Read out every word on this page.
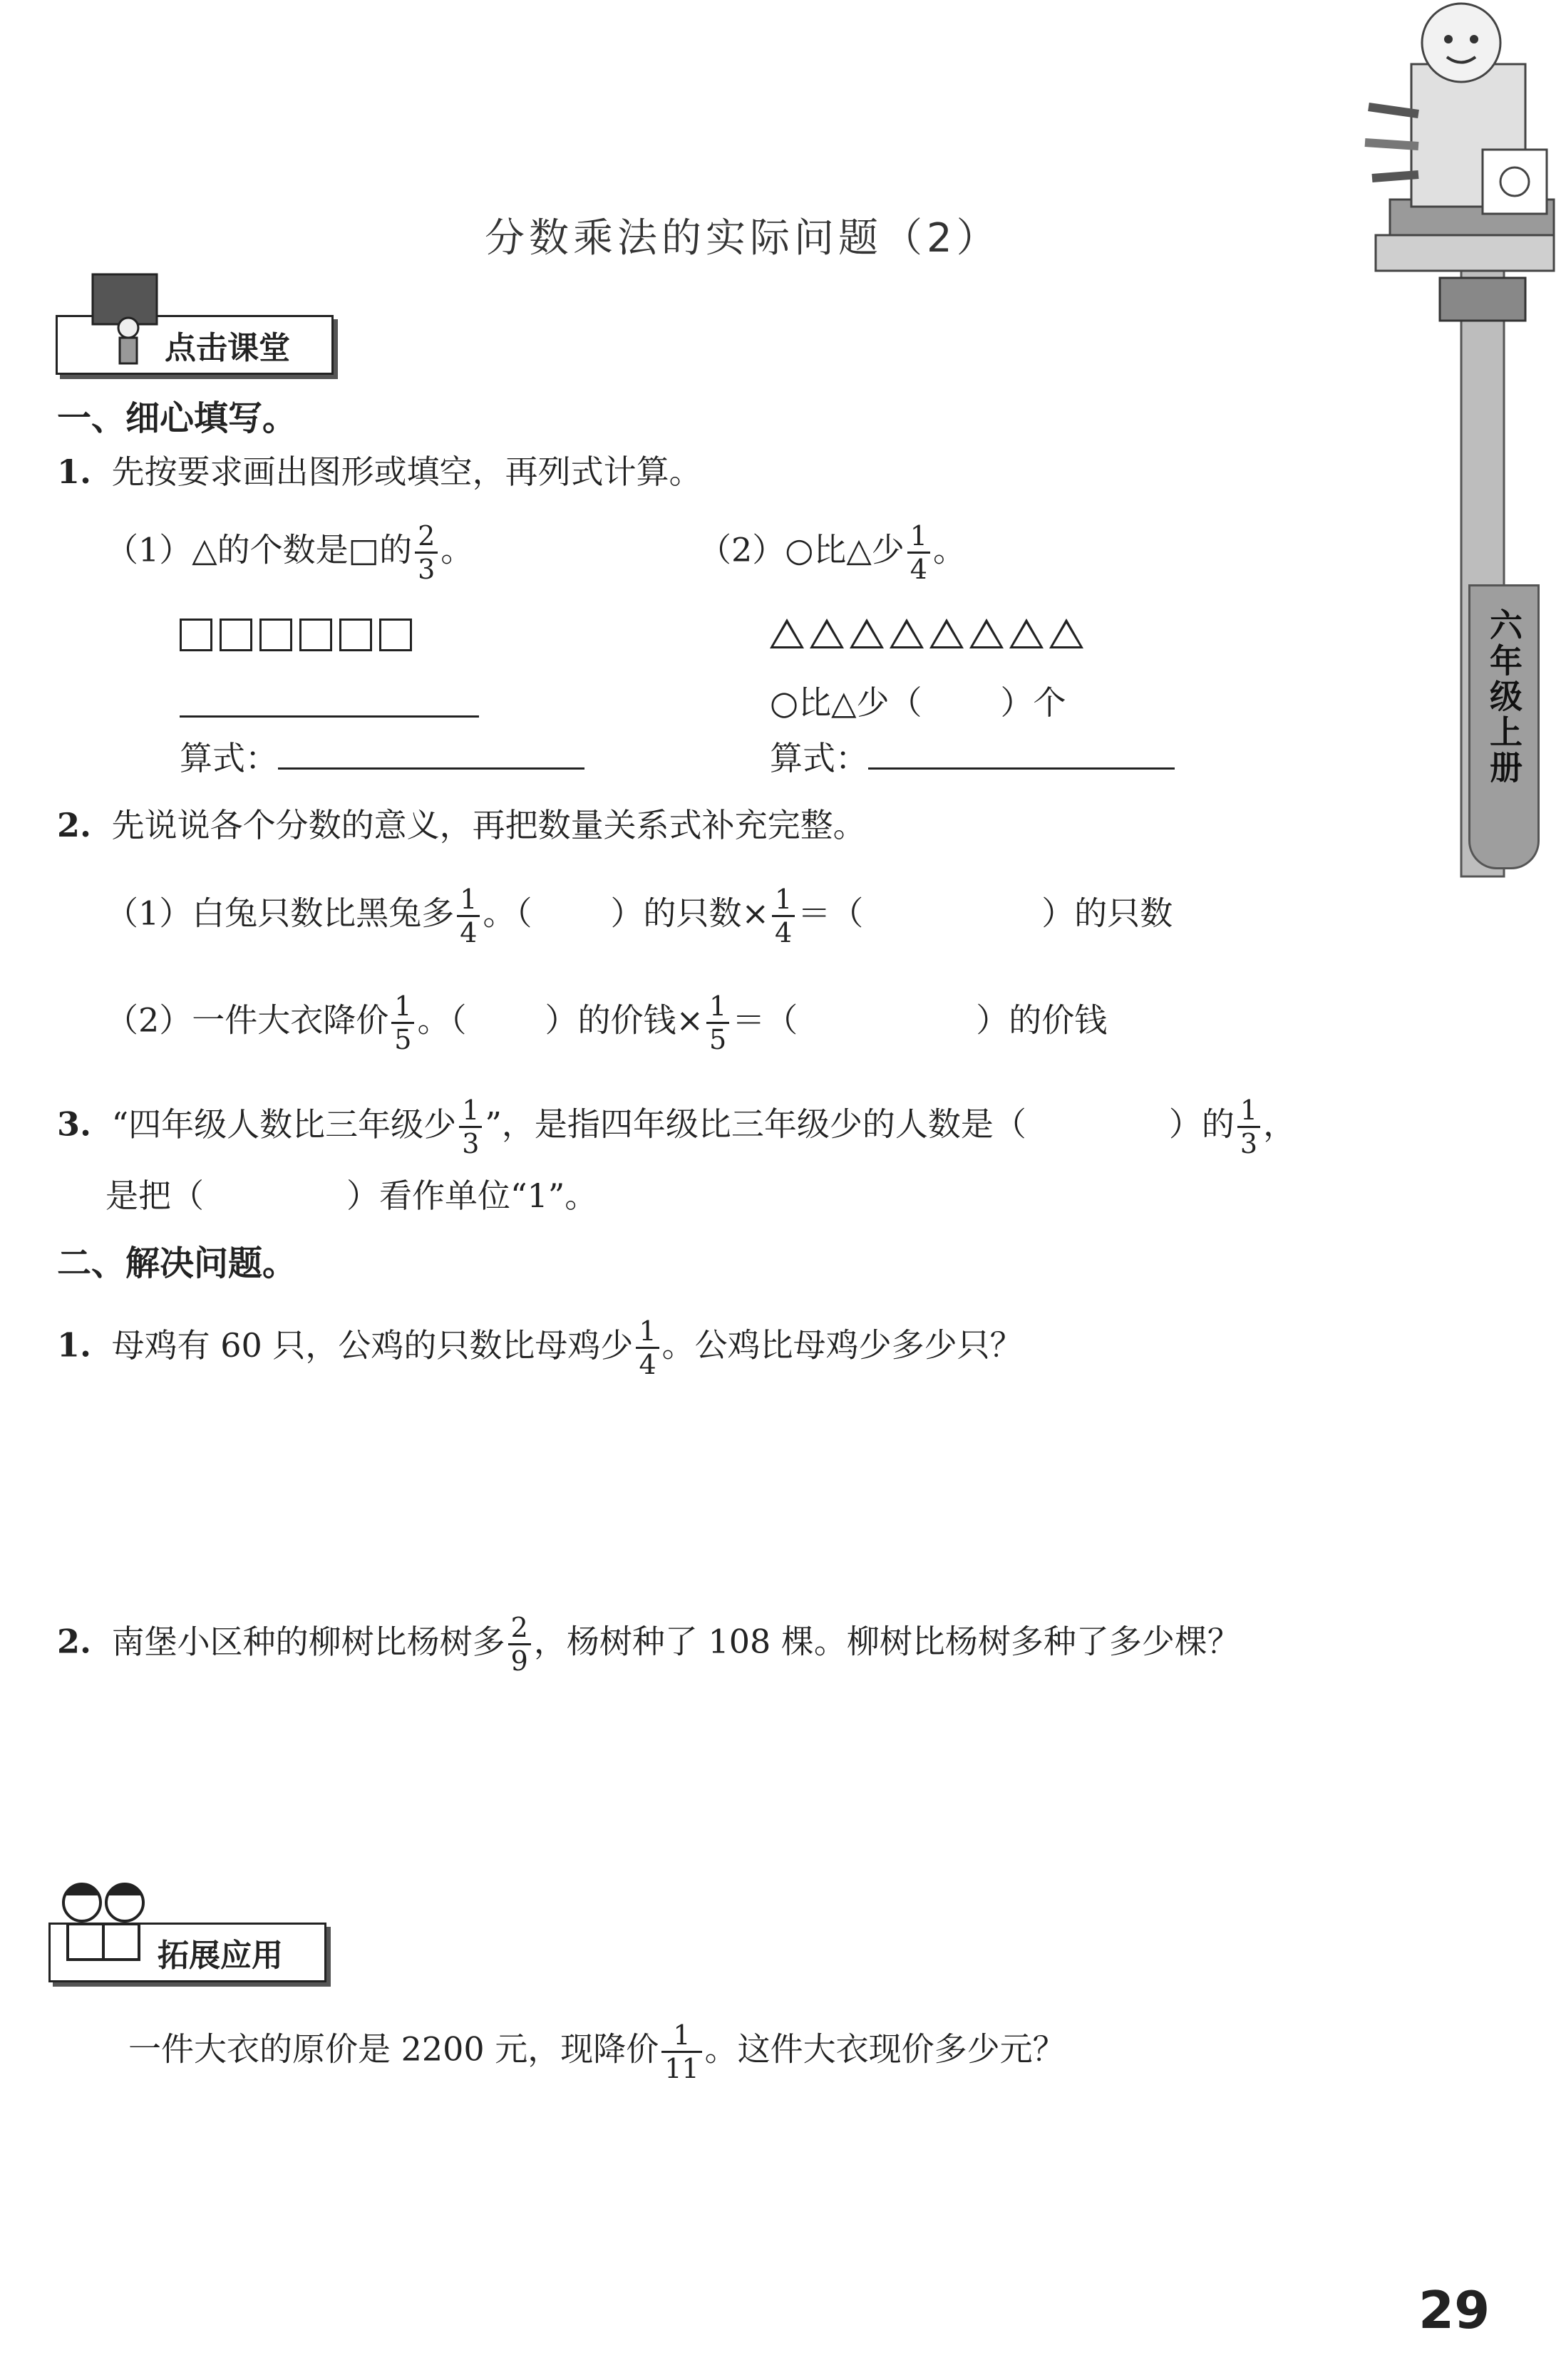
六年级上册
分数乘法的实际问题（2）
点击课堂
一、细心填写。
1. 先按要求画出图形或填空，再列式计算。
（1）△的个数是□的 $\frac{2}{3}$ 。	（2）○比△少 $\frac{1}{4}$ 。
○比△少（ ）个
算式：	算式：
2. 先说说各个分数的意义，再把数量关系式补充完整。
（1）白兔只数比黑兔多 $\frac{1}{4}$ 。（ ）的只数× $\frac{1}{4}$ ＝（	）的只数
（2）一件大衣降价 $\frac{1}{5}$ 。（ ）的价钱× $\frac{1}{5}$ ＝（	）的价钱
3. “四年级人数比三年级少 $\frac{1}{3}$ ”，是指四年级比三年级少的人数是（	）的 $\frac{1}{3}$ ，
是把（	）看作单位“1”。
二、解决问题。
1. 母鸡有 60 只，公鸡的只数比母鸡少 $\frac{1}{4}$ 。公鸡比母鸡少多少只？
2. 南堡小区种的柳树比杨树多 $\frac{2}{9}$ ，杨树种了 108 棵。柳树比杨树多种了多少棵？
拓展应用
一件大衣的原价是 2200 元，现降价 $\frac{1}{11}$ 。这件大衣现价多少元？
29
